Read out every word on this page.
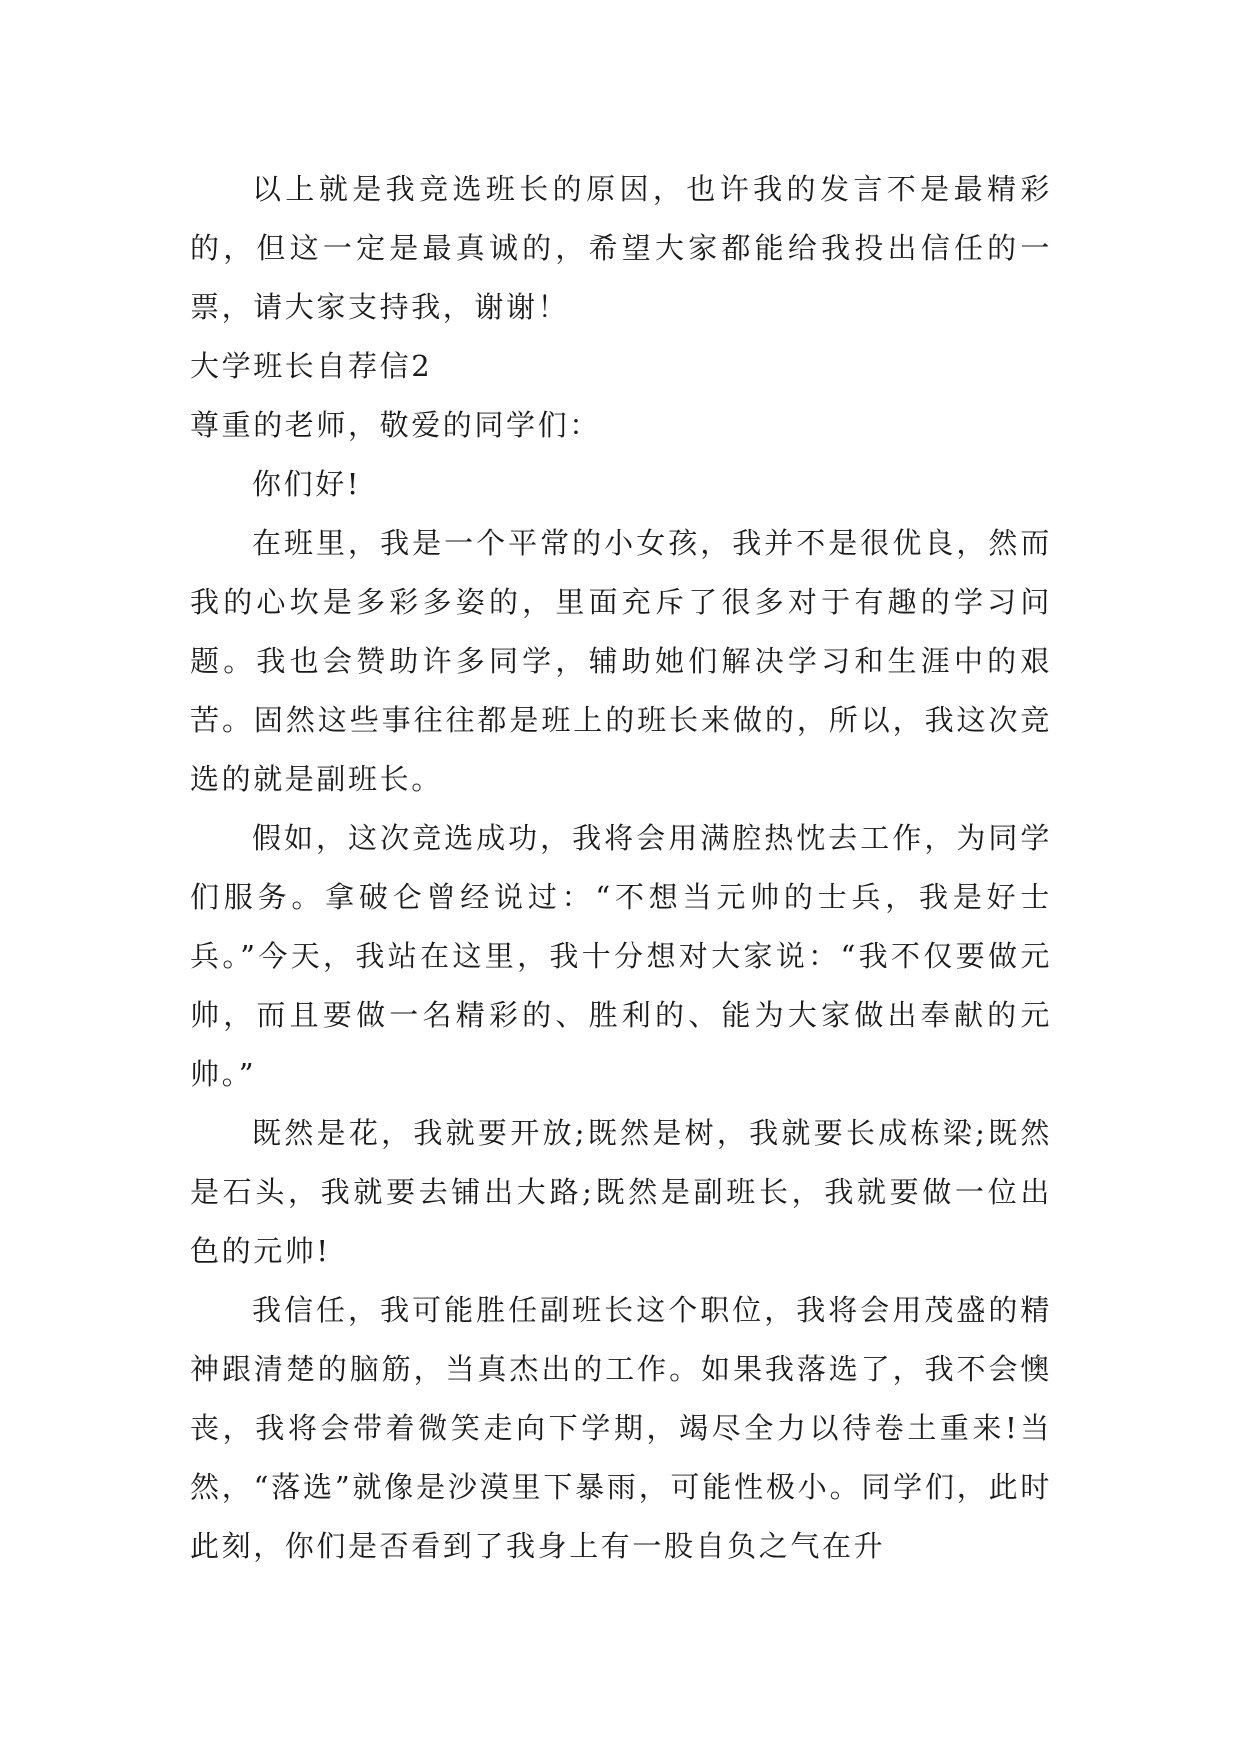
以上就是我竞选班长的原因，也许我的发言不是最精彩的，但这一定是最真诚的，希望大家都能给我投出信任的一票，请大家支持我，谢谢！

大学班长自荐信2

尊重的老师，敬爱的同学们：

你们好!

在班里，我是一个平常的小女孩，我并不是很优良，然而我的心坎是多彩多姿的，里面充斥了很多对于有趣的学习问题。我也会赞助许多同学，辅助她们解决学习和生涯中的艰苦。固然这些事往往都是班上的班长来做的，所以，我这次竞选的就是副班长。

假如，这次竞选成功，我将会用满腔热忱去工作，为同学们服务。拿破仑曾经说过：“不想当元帅的士兵，我是好士兵。”今天，我站在这里，我十分想对大家说：“我不仅要做元帅，而且要做一名精彩的、胜利的、能为大家做出奉献的元帅。”

既然是花，我就要开放;既然是树，我就要长成栋梁;既然是石头，我就要去铺出大路;既然是副班长，我就要做一位出色的元帅!

我信任，我可能胜任副班长这个职位，我将会用茂盛的精神跟清楚的脑筋，当真杰出的工作。如果我落选了，我不会懊丧，我将会带着微笑走向下学期，竭尽全力以待卷土重来!当然，“落选”就像是沙漠里下暴雨，可能性极小。同学们，此时此刻，你们是否看到了我身上有一股自负之气在升
